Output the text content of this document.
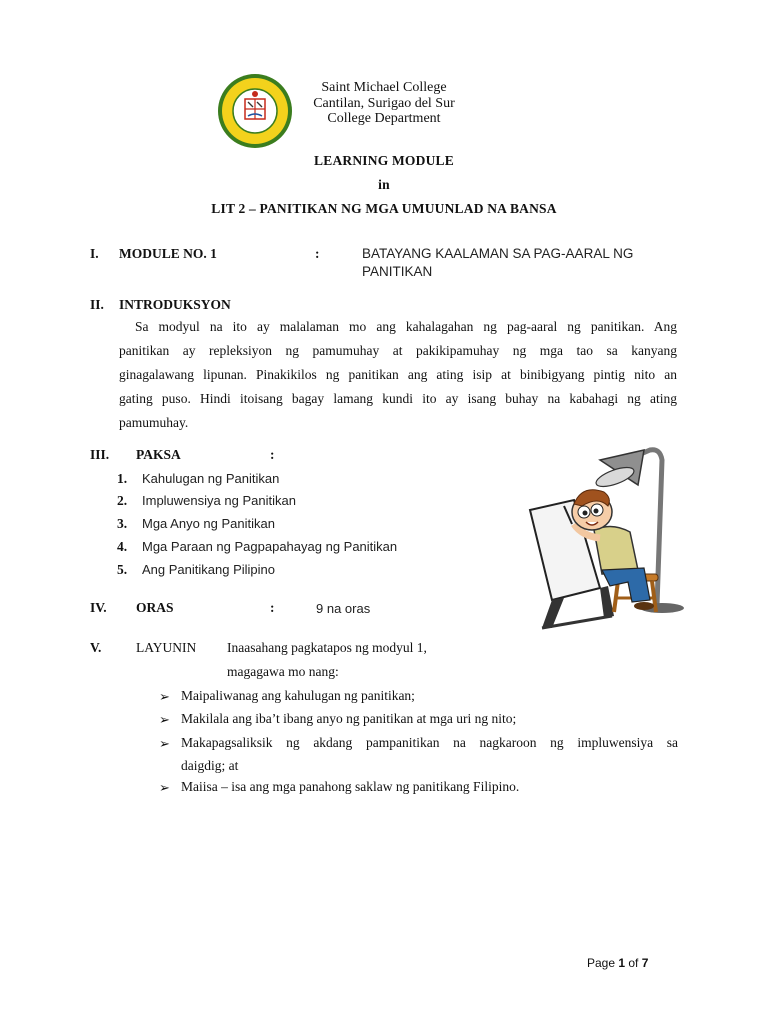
Saint Michael College
Cantilan, Surigao del Sur
College Department
LEARNING MODULE
in
LIT 2 – PANITIKAN NG MGA UMUUNLAD NA BANSA
I. MODULE NO. 1	:	BATAYANG KAALAMAN SA PAG-AARAL NG
PANITIKAN
II. INTRODUKSYON
Sa modyul na ito ay malalaman mo ang kahalagahan ng pag-aaral ng panitikan. Ang
panitikan ay repleksiyon ng pamumuhay at pakikipamuhay ng mga tao sa kanyang
ginagalawang lipunan. Pinakikilos ng panitikan ang ating isip at binibigyang pintig nito an
gating puso. Hindi itoisang bagay lamang kundi ito ay isang buhay na kabahagi ng ating
pamumuhay.
III. PAKSA	:
1. Kahulugan ng Panitikan
2. Impluwensiya ng Panitikan
3. Mga Anyo ng Panitikan
4. Mga Paraan ng Pagpapahayag ng Panitikan
5. Ang Panitikang Pilipino
IV. ORAS	:	9 na oras
V.	LAYUNIN Inaasahang pagkatapos ng modyul 1,
magagawa mo nang:
➢ Maipaliwanag ang kahulugan ng panitikan;
➢ Makilala ang iba’t ibang anyo ng panitikan at mga uri ng nito;
➢ Makapagsaliksik ng akdang pampanitikan na nagkaroon ng impluwensiya sa
daigdig; at
➢ Maiisa – isa ang mga panahong saklaw ng panitikang Filipino.
Page 1 of 7
